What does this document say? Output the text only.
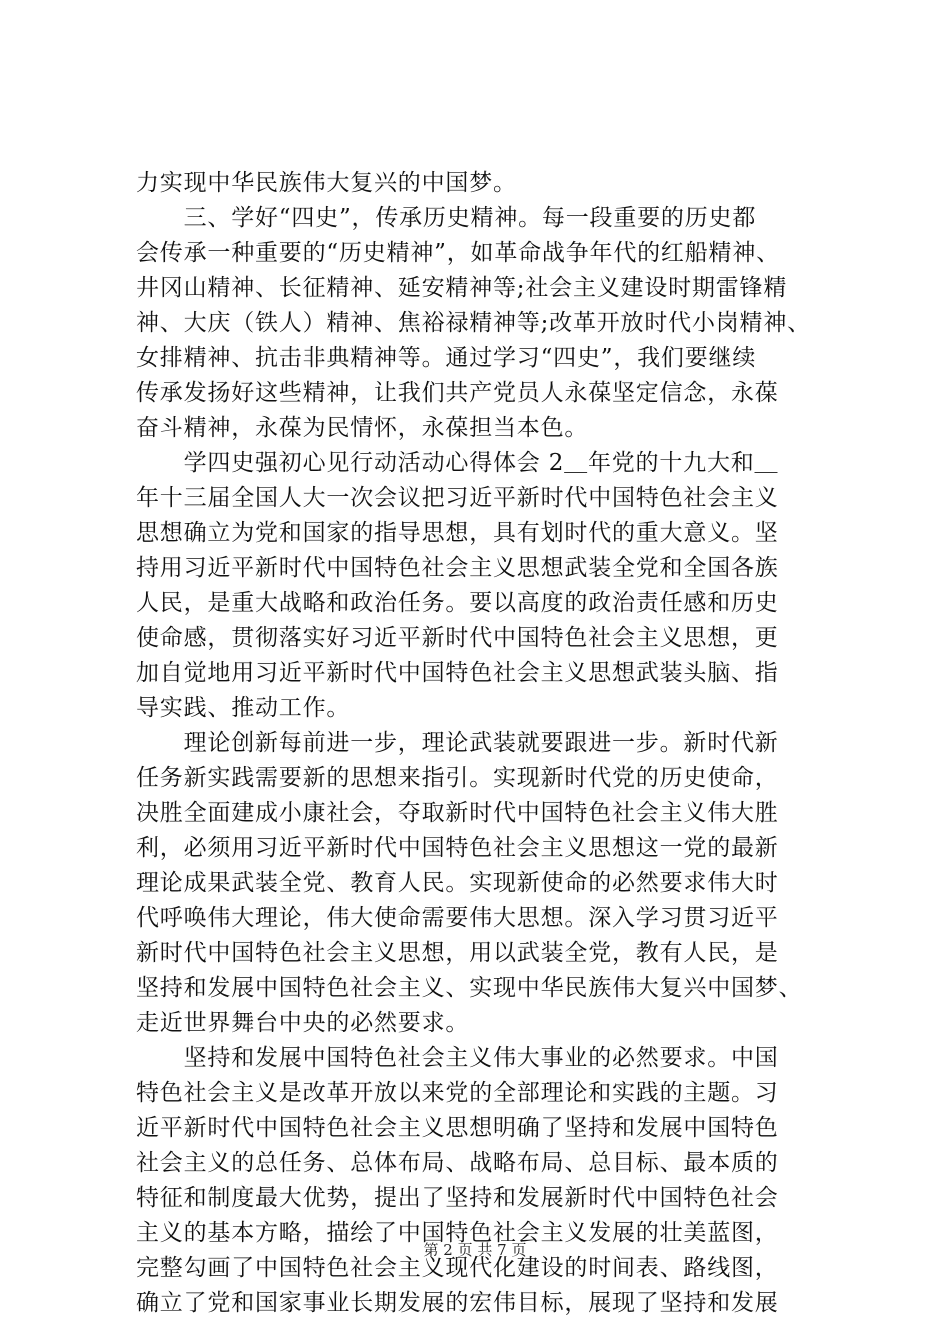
力实现中华民族伟大复兴的中国梦。
　　三、学好“四史”，传承历史精神。每一段重要的历史都
会传承一种重要的“历史精神”，如革命战争年代的红船精神、
井冈山精神、长征精神、延安精神等;社会主义建设时期雷锋精
神、大庆（铁人）精神、焦裕禄精神等;改革开放时代小岗精神、
女排精神、抗击非典精神等。通过学习“四史”，我们要继续
传承发扬好这些精神，让我们共产党员人永葆坚定信念，永葆
奋斗精神，永葆为民情怀，永葆担当本色。
　　学四史强初心见行动活动心得体会 2＿年党的十九大和＿
年十三届全国人大一次会议把习近平新时代中国特色社会主义
思想确立为党和国家的指导思想，具有划时代的重大意义。坚
持用习近平新时代中国特色社会主义思想武装全党和全国各族
人民，是重大战略和政治任务。要以高度的政治责任感和历史
使命感，贯彻落实好习近平新时代中国特色社会主义思想，更
加自觉地用习近平新时代中国特色社会主义思想武装头脑、指
导实践、推动工作。
　　理论创新每前进一步，理论武装就要跟进一步。新时代新
任务新实践需要新的思想来指引。实现新时代党的历史使命，
决胜全面建成小康社会，夺取新时代中国特色社会主义伟大胜
利，必须用习近平新时代中国特色社会主义思想这一党的最新
理论成果武装全党、教育人民。实现新使命的必然要求伟大时
代呼唤伟大理论，伟大使命需要伟大思想。深入学习贯习近平
新时代中国特色社会主义思想，用以武装全党，教有人民，是
坚持和发展中国特色社会主义、实现中华民族伟大复兴中国梦、
走近世界舞台中央的必然要求。
　　坚持和发展中国特色社会主义伟大事业的必然要求。中国
特色社会主义是改革开放以来党的全部理论和实践的主题。习
近平新时代中国特色社会主义思想明确了坚持和发展中国特色
社会主义的总任务、总体布局、战略布局、总目标、最本质的
特征和制度最大优势，提出了坚持和发展新时代中国特色社会
主义的基本方略，描绘了中国特色社会主义发展的壮美蓝图，
完整勾画了中国特色社会主义现代化建设的时间表、路线图，
确立了党和国家事业长期发展的宏伟目标，展现了坚持和发展
第 2 页 共 7 页
